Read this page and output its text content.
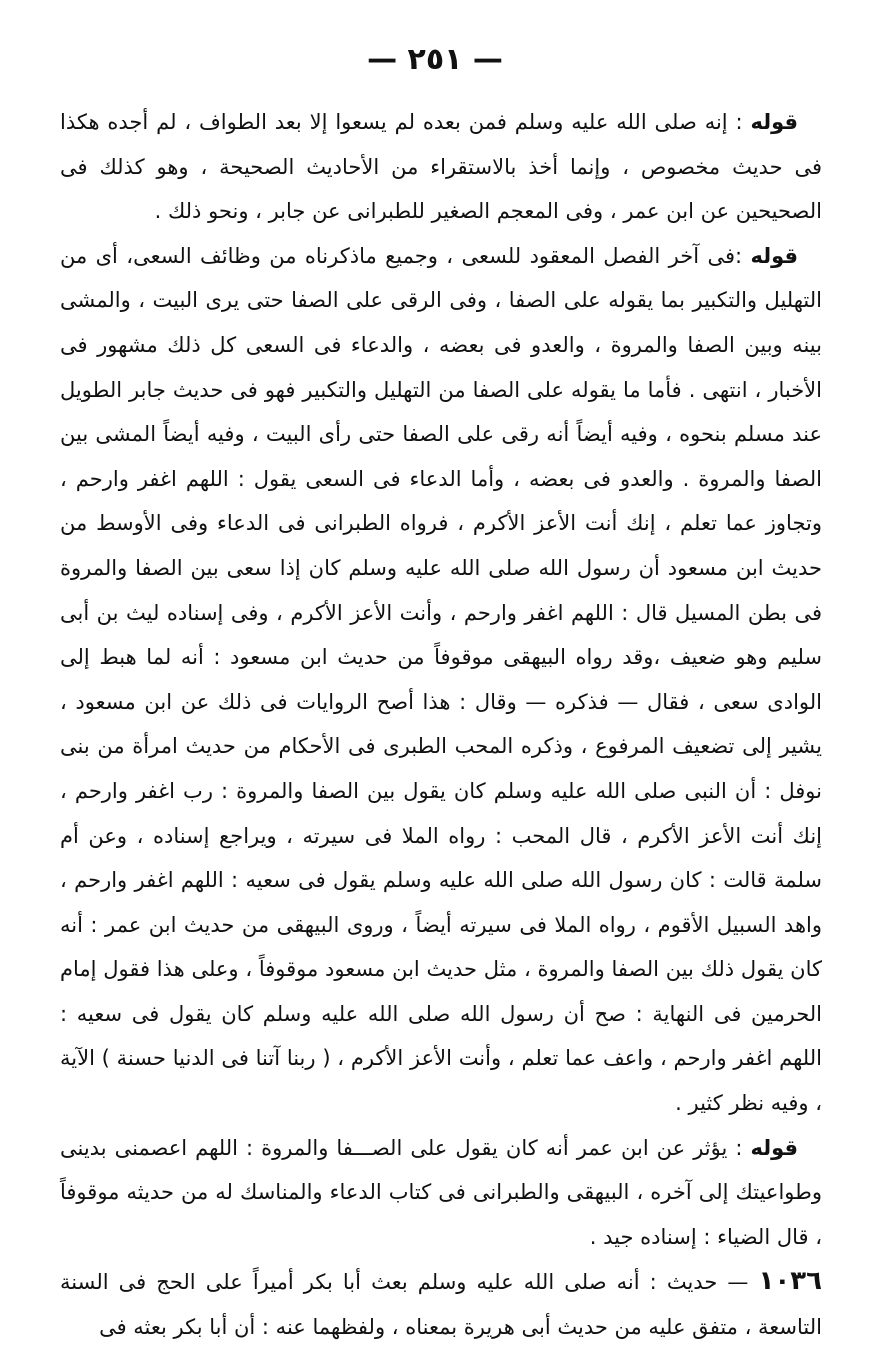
— ٢٥١ —

قوله : إنه صلى الله عليه وسلم فمن بعده لم يسعوا إلا بعد الطواف ، لم أجده هكذا فى حديث مخصوص ، وإنما أخذ بالاستقراء من الأحاديث الصحيحة ، وهو كذلك فى الصحيحين عن ابن عمر ، وفى المعجم الصغير للطبرانى عن جابر ، ونحو ذلك .

قوله :فى آخر الفصل المعقود للسعى ، وجميع ماذكرناه من وظائف السعى، أى من التهليل والتكبير بما يقوله على الصفا ، وفى الرقى على الصفا حتى يرى البيت ، والمشى بينه وبين الصفا والمروة ، والعدو فى بعضه ، والدعاء فى السعى كل ذلك مشهور فى الأخبار ، انتهى . فأما ما يقوله على الصفا من التهليل والتكبير فهو فى حديث جابر الطويل عند مسلم بنحوه ، وفيه أيضاً أنه رقى على الصفا حتى رأى البيت ، وفيه أيضاً المشى بين الصفا والمروة . والعدو فى بعضه ، وأما الدعاء فى السعى يقول : اللهم اغفر وارحم ، وتجاوز عما تعلم ، إنك أنت الأعز الأكرم ، فرواه الطبرانى فى الدعاء وفى الأوسط من حديث ابن مسعود أن رسول الله صلى الله عليه وسلم كان إذا سعى بين الصفا والمروة فى بطن المسيل قال : اللهم اغفر وارحم ، وأنت الأعز الأكرم ، وفى إسناده ليث بن أبى سليم وهو ضعيف ،وقد رواه البيهقى موقوفاً من حديث ابن مسعود : أنه لما هبط إلى الوادى سعى ، فقال — فذكره — وقال : هذا أصح الروايات فى ذلك عن ابن مسعود ، يشير إلى تضعيف المرفوع ، وذكره المحب الطبرى فى الأحكام من حديث امرأة من بنى نوفل : أن النبى صلى الله عليه وسلم كان يقول بين الصفا والمروة : رب اغفر وارحم ، إنك أنت الأعز الأكرم ، قال المحب : رواه الملا فى سيرته ، ويراجع إسناده ، وعن أم سلمة قالت : كان رسول الله صلى الله عليه وسلم يقول فى سعيه : اللهم اغفر وارحم ، واهد السبيل الأقوم ، رواه الملا فى سيرته أيضاً ، وروى البيهقى من حديث ابن عمر : أنه كان يقول ذلك بين الصفا والمروة ، مثل حديث ابن مسعود موقوفاً ، وعلى هذا فقول إمام الحرمين فى النهاية : صح أن رسول الله صلى الله عليه وسلم كان يقول فى سعيه : اللهم اغفر وارحم ، واعف عما تعلم ، وأنت الأعز الأكرم ، ( ربنا آتنا فى الدنيا حسنة ) الآية ، وفيه نظر كثير .

قوله : يؤثر عن ابن عمر أنه كان يقول على الصـــفا والمروة : اللهم اعصمنى بدينى وطواعيتك إلى آخره ، البيهقى والطبرانى فى كتاب الدعاء والمناسك له من حديثه موقوفاً ، قال الضياء : إسناده جيد .

١٠٣٦ — حديث : أنه صلى الله عليه وسلم بعث أبا بكر أميراً على الحج فى السنة التاسعة ، متفق عليه من حديث أبى هريرة بمعناه ، ولفظهما عنه : أن أبا بكر بعثه فى
